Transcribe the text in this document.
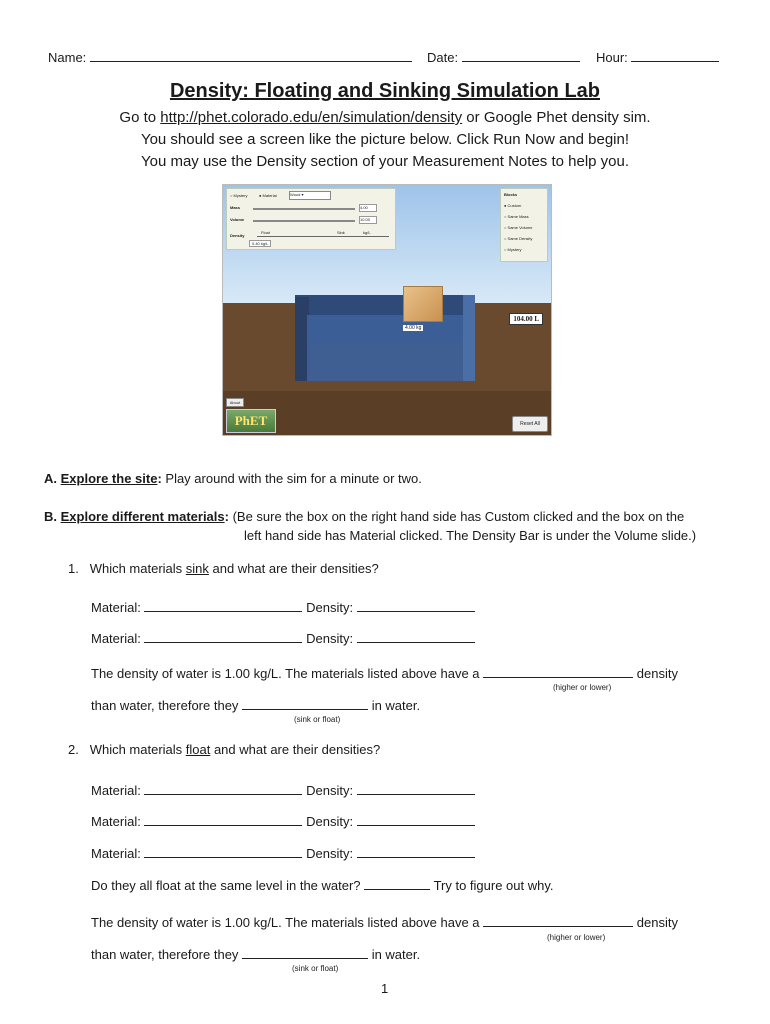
Name:	Date:	Hour:
Density: Floating and Sinking Simulation Lab
Go to http://phet.colorado.edu/en/simulation/density or Google Phet density sim.
You should see a screen like the picture below. Click Run Now and begin!
You may use the Density section of your Measurement Notes to help you.
○ Mystery	● Material	Wood ▾
Mass	4.00
Volume	10.00
Density
Float	Sink	kg/L
0.40 kg/L
Blocks
● Custom
○ Same Mass
○ Same Volume
○ Same Density
○ Mystery
4.00 kg
104.00 L
About
PhET	Reset All
A. Explore the site: Play around with the sim for a minute or two.
B. Explore different materials: (Be sure the box on the right hand side has Custom clicked and the box on the
left hand side has Material clicked. The Density Bar is under the Volume slide.)
1. Which materials sink and what are their densities?
Material:	Density:
Material:	Density:
The density of water is 1.00 kg/L. The materials listed above have a	density
(higher or lower)
than water, therefore they	in water.
(sink or float)
2. Which materials float and what are their densities?
Material:	Density:
Material:	Density:
Material:	Density:
Do they all float at the same level in the water?	Try to figure out why.
The density of water is 1.00 kg/L. The materials listed above have a	density
(higher or lower)
than water, therefore they	in water.
(sink or float)
1
